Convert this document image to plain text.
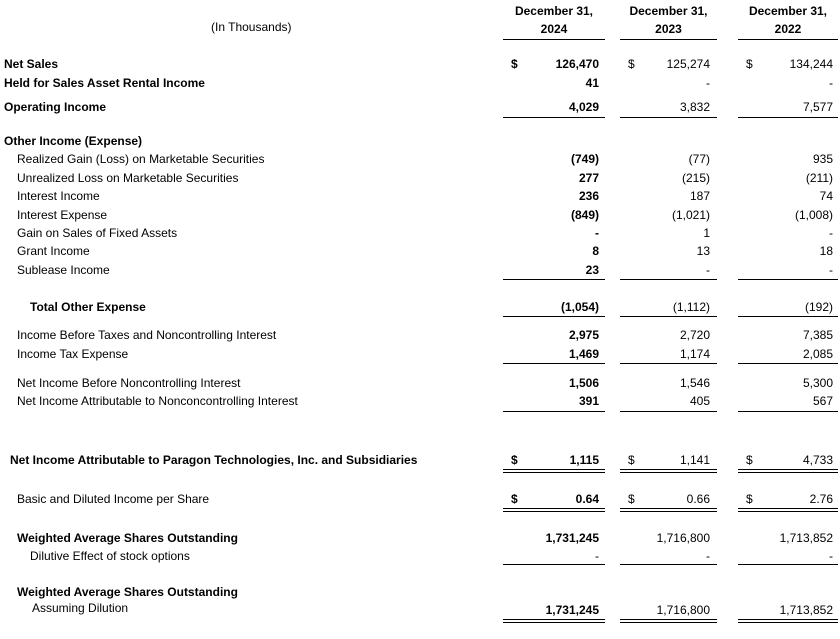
(In Thousands)
December 31,
2024
December 31,
2023
December 31,
2022
Net Sales	$	126,470 $	125,274	$	134,244
Held for Sales Asset Rental Income	41	-	-
Operating Income	4,029	3,832	7,577
Other Income (Expense)
Realized Gain (Loss) on Marketable Securities	(749)	(77)	935
Unrealized Loss on Marketable Securities	277	(215)	(211)
Interest Income	236	187	74
Interest Expense	(849)	(1,021)	(1,008)
Gain on Sales of Fixed Assets	-	1	-
Grant Income	8	13	18
Sublease Income	23	-	-
Total Other Expense	(1,054)	(1,112)	(192)
Income Before Taxes and Noncontrolling Interest	2,975	2,720	7,385
Income Tax Expense	1,469	1,174	2,085
Net Income Before Noncontrolling Interest	1,506	1,546	5,300
Net Income Attributable to Nonconcontrolling Interest	391	405	567
Net Income Attributable to Paragon Technologies, Inc. and Subsidiaries	$	1,115 $	1,141	$	4,733
Basic and Diluted Income per Share	$	0.64 $	0.66	$	2.76
Weighted Average Shares Outstanding	1,731,245	1,716,800	1,713,852
Dilutive Effect of stock options	-	-	-
Weighted Average Shares Outstanding
Assuming Dilution	1,731,245	1,716,800	1,713,852
